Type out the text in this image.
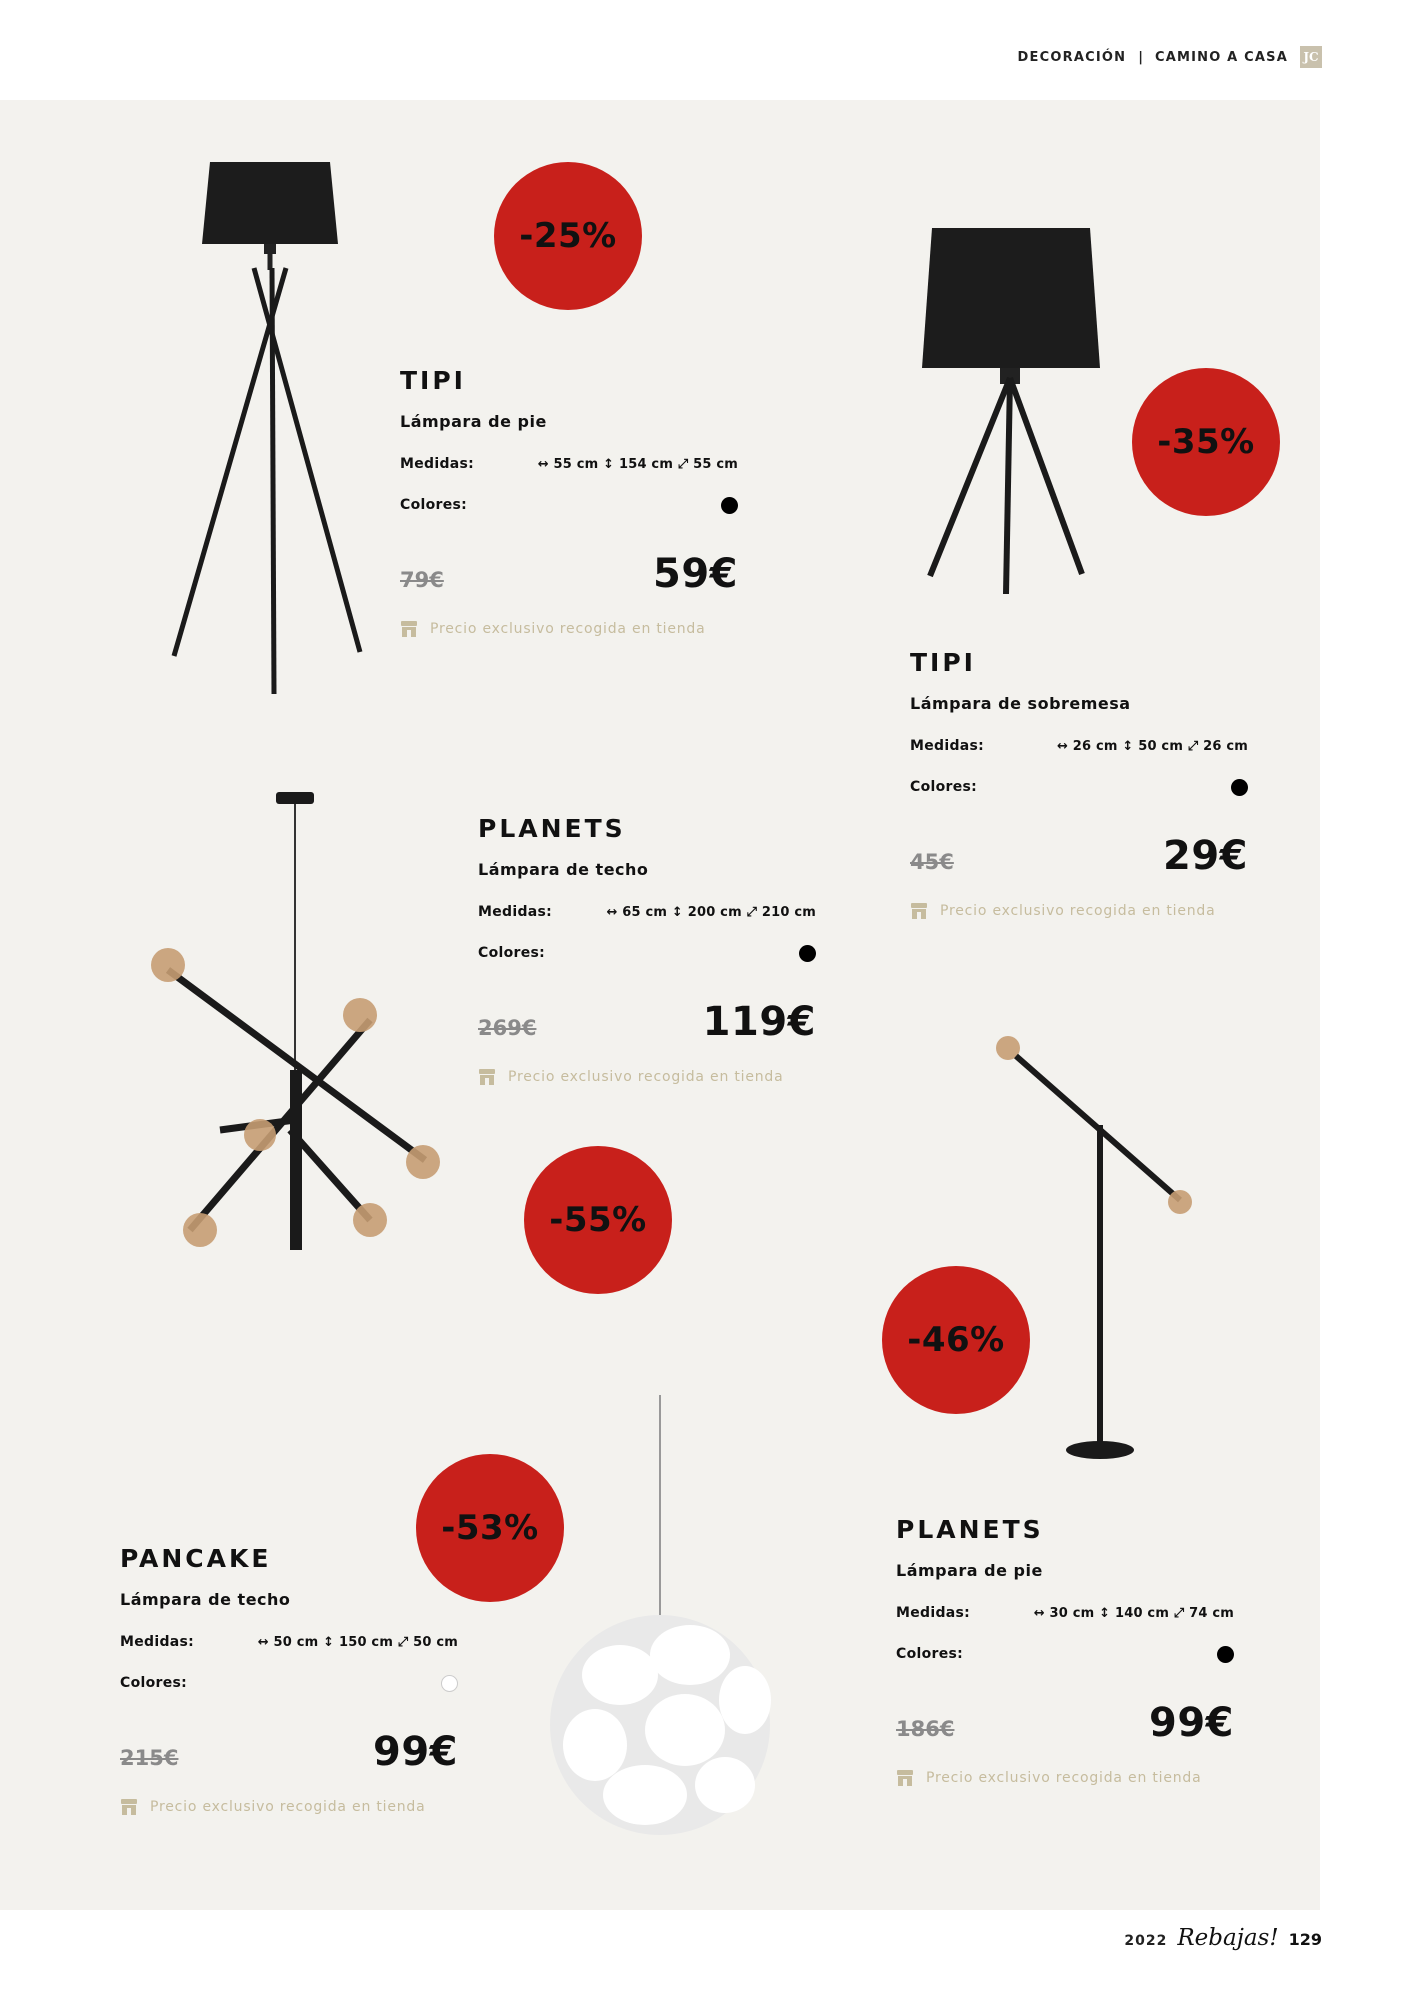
DECORACIÓN | CAMINO A CASA JC
-25%
-35%
-55%
-46%
-53%
TIPI
Lámpara de pie
Medidas:	↔ 55 cm ↕ 154 cm ⤢ 55 cm
Colores:
79€	59€
Precio exclusivo recogida en tienda
TIPI
Lámpara de sobremesa
Medidas:	↔ 26 cm ↕ 50 cm ⤢ 26 cm
Colores:
45€	29€
Precio exclusivo recogida en tienda
PLANETS
Lámpara de techo
Medidas:	↔ 65 cm ↕ 200 cm ⤢ 210 cm
Colores:
269€	119€
Precio exclusivo recogida en tienda
PLANETS
Lámpara de pie
Medidas:	↔ 30 cm ↕ 140 cm ⤢ 74 cm
Colores:
186€	99€
Precio exclusivo recogida en tienda
PANCAKE
Lámpara de techo
Medidas:	↔ 50 cm ↕ 150 cm ⤢ 50 cm
Colores:
215€	99€
Precio exclusivo recogida en tienda
2022 Rebajas! 129
